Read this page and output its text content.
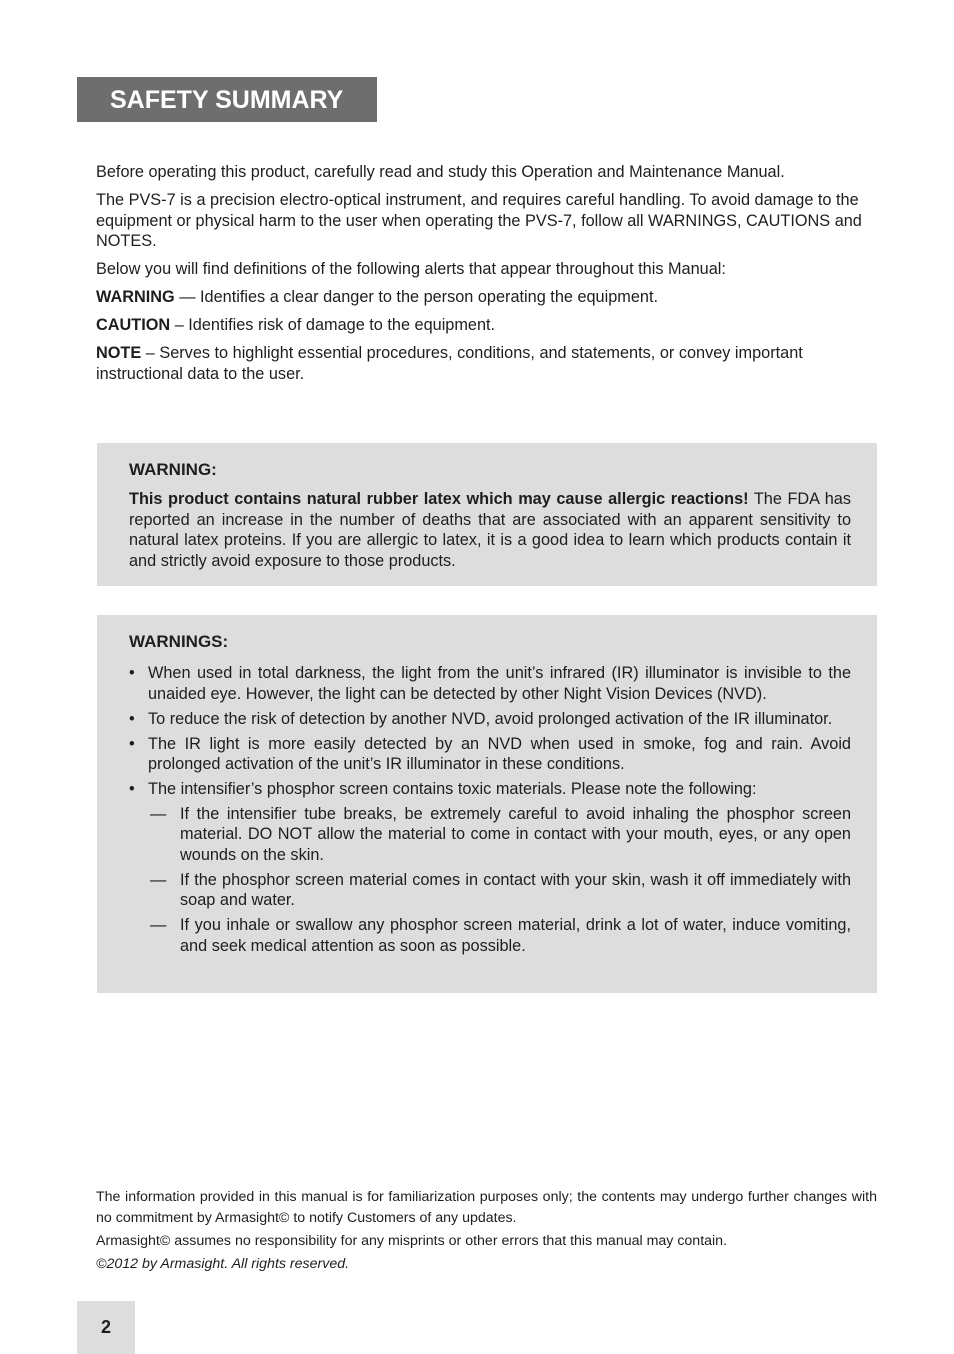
SAFETY SUMMARY

Before operating this product, carefully read and study this Operation and Maintenance Manual.

The PVS-7 is a precision electro-optical instrument, and requires careful handling. To avoid damage to the equipment or physical harm to the user when operating the PVS-7, follow all WARNINGS, CAUTIONS and NOTES.

Below you will find definitions of the following alerts that appear throughout this Manual:

WARNING — Identifies a clear danger to the person operating the equipment.

CAUTION – Identifies risk of damage to the equipment.

NOTE – Serves to highlight essential procedures, conditions, and statements, or convey important instructional data to the user.

WARNING:

This product contains natural rubber latex which may cause allergic reactions! The FDA has reported an increase in the number of deaths that are associated with an apparent sensitivity to natural latex proteins. If you are allergic to latex, it is a good idea to learn which products contain it and strictly avoid exposure to those products.

WARNINGS:
• When used in total darkness, the light from the unit’s infrared (IR) illuminator is invisible to the unaided eye. However, the light can be detected by other Night Vision Devices (NVD).
• To reduce the risk of detection by another NVD, avoid prolonged activation of the IR illuminator.
• The IR light is more easily detected by an NVD when used in smoke, fog and rain. Avoid prolonged activation of the unit’s IR illuminator in these conditions.
• The intensifier’s phosphor screen contains toxic materials. Please note the following:
— If the intensifier tube breaks, be extremely careful to avoid inhaling the phosphor screen material. DO NOT allow the material to come in contact with your mouth, eyes, or any open wounds on the skin.
— If the phosphor screen material comes in contact with your skin, wash it off immediately with soap and water.
— If you inhale or swallow any phosphor screen material, drink a lot of water, induce vomiting, and seek medical attention as soon as possible.

The information provided in this manual is for familiarization purposes only; the contents may undergo further changes with no commitment by Armasight© to notify Customers of any updates.

Armasight© assumes no responsibility for any misprints or other errors that this manual may contain.

©2012 by Armasight. All rights reserved.

2
